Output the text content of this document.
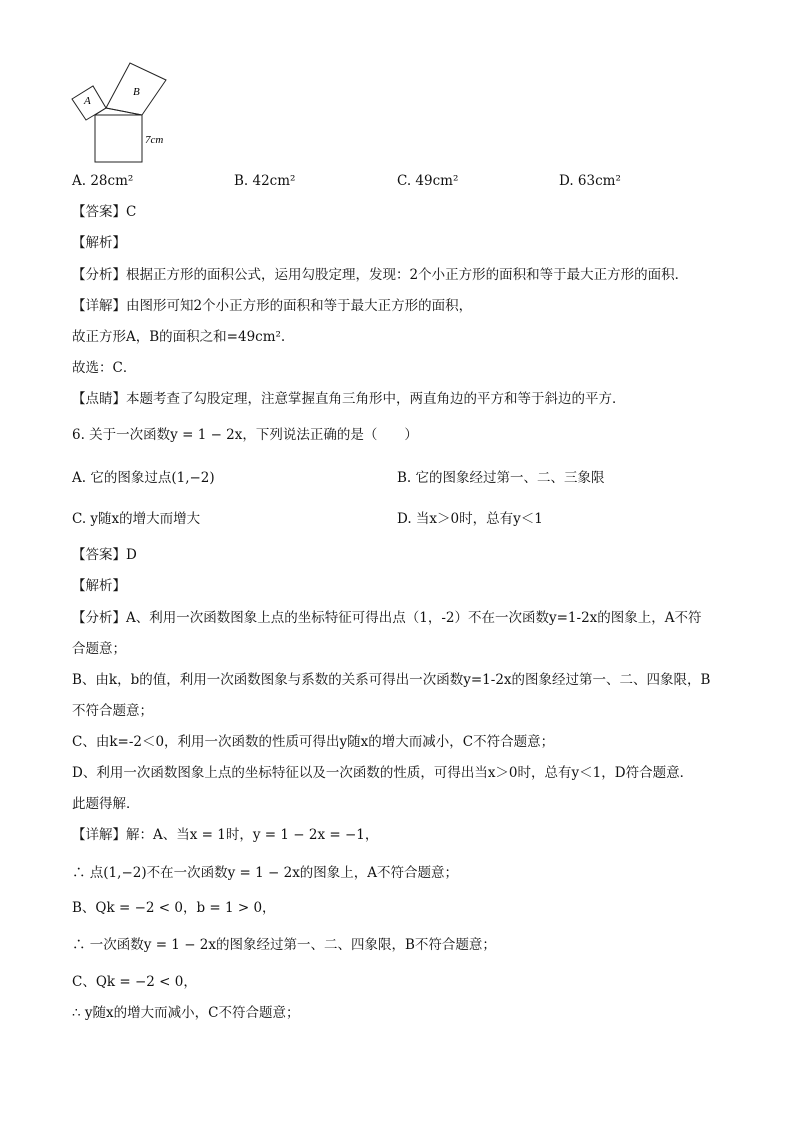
A
B
7cm
A. 28cm²	B. 42cm²	C. 49cm²	D. 63cm²
【答案】C
【解析】
【分析】根据正方形的面积公式，运用勾股定理，发现：2个小正方形的面积和等于最大正方形的面积．
【详解】由图形可知2个小正方形的面积和等于最大正方形的面积，
故正方形A，B的面积之和=49cm².
故选：C．
【点睛】本题考查了勾股定理，注意掌握直角三角形中，两直角边的平方和等于斜边的平方．
6. 关于一次函数y = 1 − 2x，下列说法正确的是（　　）
A. 它的图象过点(1,−2)	B. 它的图象经过第一、二、三象限
C. y随x的增大而增大	D. 当x＞0时，总有y＜1
【答案】D
【解析】
【分析】A、利用一次函数图象上点的坐标特征可得出点（1，-2）不在一次函数y=1-2x的图象上，A不符
合题意；
B、由k，b的值，利用一次函数图象与系数的关系可得出一次函数y=1-2x的图象经过第一、二、四象限，B
不符合题意；
C、由k=-2＜0，利用一次函数的性质可得出y随x的增大而减小，C不符合题意；
D、利用一次函数图象上点的坐标特征以及一次函数的性质，可得出当x＞0时，总有y＜1，D符合题意．
此题得解．
【详解】解：A、当x = 1时，y = 1 − 2x = −1，
∴ 点(1,−2)不在一次函数y = 1 − 2x的图象上，A不符合题意；
B、Qk = −2 < 0，b = 1 > 0，
∴ 一次函数y = 1 − 2x的图象经过第一、二、四象限，B不符合题意；
C、Qk = −2 < 0，
∴ y随x的增大而减小，C不符合题意；
